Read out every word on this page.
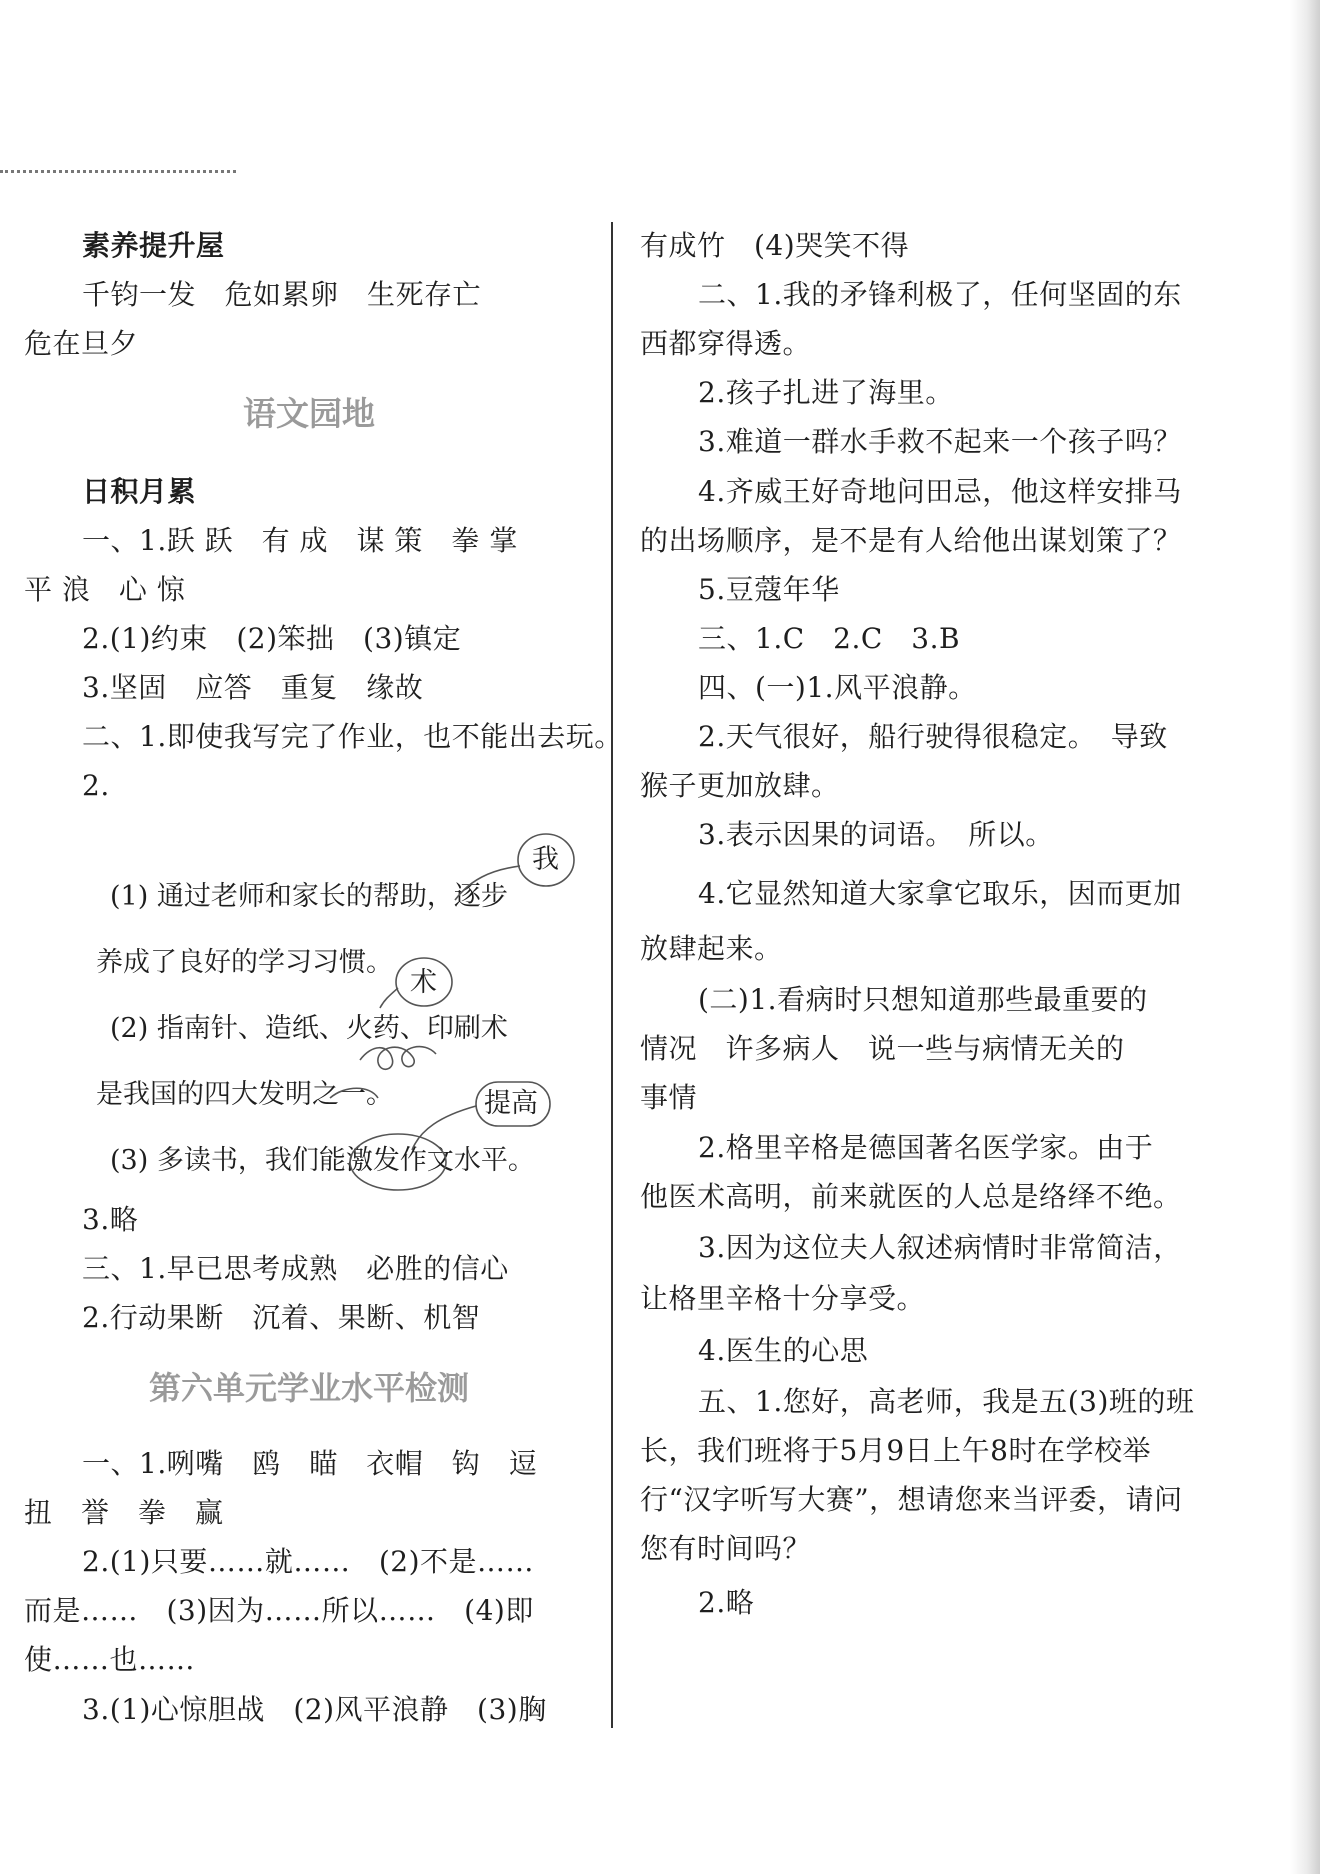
素养提升屋
千钧一发　危如累卵　生死存亡
危在旦夕
语文园地
日积月累
一、1.跃 跃　有 成　谋 策　拳 掌
平 浪　心 惊
2.(1)约束　(2)笨拙　(3)镇定
3.坚固　应答　重复　缘故
二、1.即使我写完了作业，也不能出去玩。
2.
(1) 通过老师和家长的帮助，逐步
养成了良好的学习习惯。
(2) 指南针、造纸、火药、印刷术
是我国的四大发明之一。
(3) 多读书，我们能激发作文水平。
我
术
提高
3.略
三、1.早已思考成熟　必胜的信心
2.行动果断　沉着、果断、机智
第六单元学业水平检测
一、1.咧嘴　鸥　瞄　衣帽　钩　逗
扭　誉　拳　赢
2.(1)只要……就……　(2)不是……
而是……　(3)因为……所以……　(4)即
使……也……
3.(1)心惊胆战　(2)风平浪静　(3)胸
有成竹　(4)哭笑不得
二、1.我的矛锋利极了，任何坚固的东
西都穿得透。
2.孩子扎进了海里。
3.难道一群水手救不起来一个孩子吗？
4.齐威王好奇地问田忌，他这样安排马
的出场顺序，是不是有人给他出谋划策了？
5.豆蔻年华
三、1.C　2.C　3.B
四、(一)1.风平浪静。
2.天气很好，船行驶得很稳定。　导致
猴子更加放肆。
3.表示因果的词语。　所以。
4.它显然知道大家拿它取乐，因而更加
放肆起来。
(二)1.看病时只想知道那些最重要的
情况　许多病人　说一些与病情无关的
事情
2.格里辛格是德国著名医学家。由于
他医术高明，前来就医的人总是络绎不绝。
3.因为这位夫人叙述病情时非常简洁，
让格里辛格十分享受。
4.医生的心思
五、1.您好，高老师，我是五(3)班的班
长，我们班将于5月9日上午8时在学校举
行“汉字听写大赛”，想请您来当评委，请问
您有时间吗？
2.略
